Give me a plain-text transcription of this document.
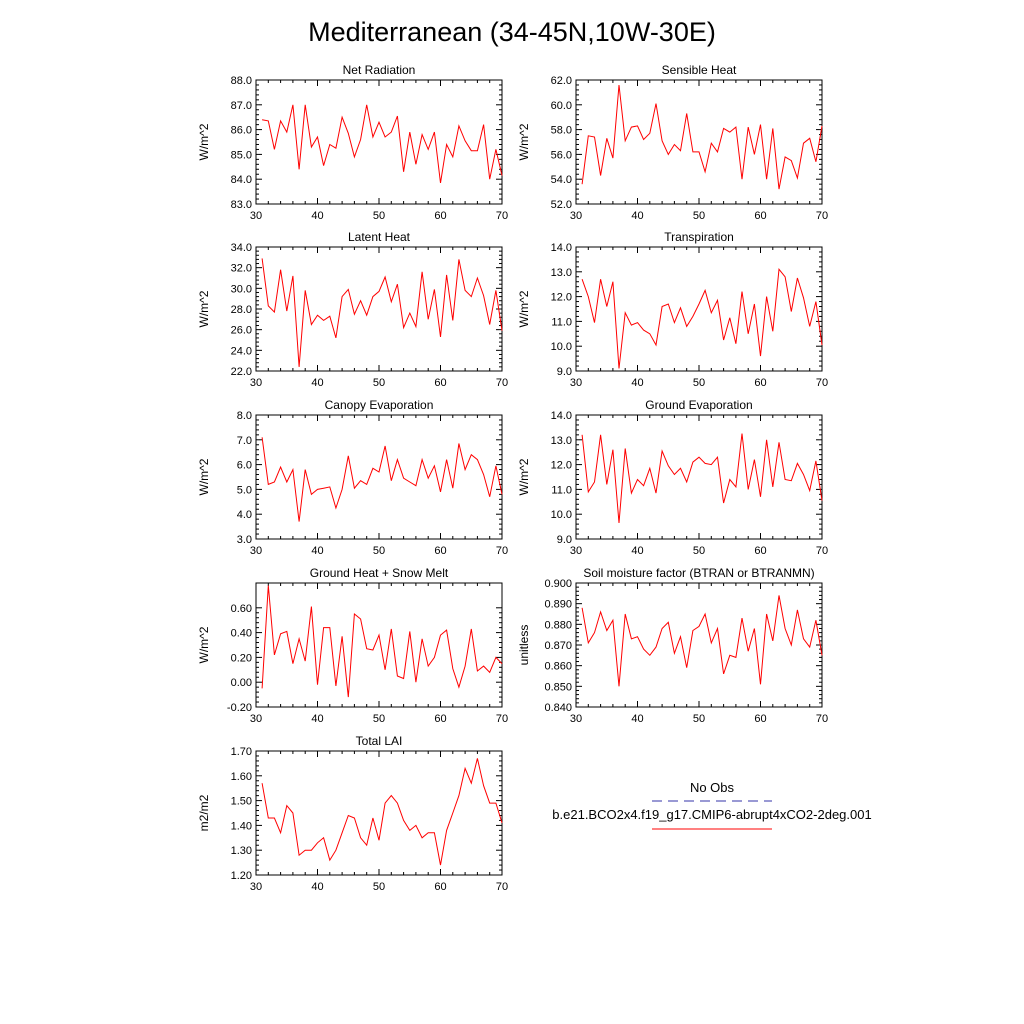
Mediterranean (34-45N,10W-30E)
30	40	50	60	70
83.0
84.0
85.0
86.0
87.0
88.0
Net Radiation
W/m^2
30	40	50	60	70
52.0
54.0
56.0
58.0
60.0
62.0
Sensible Heat
W/m^2
30	40	50	60	70
22.0
24.0
26.0
28.0
30.0
32.0
34.0
Latent Heat
W/m^2
30	40	50	60	70
9.0
10.0
11.0
12.0
13.0
14.0
Transpiration
W/m^2
30	40	50	60	70
3.0
4.0
5.0
6.0
7.0
8.0
Canopy Evaporation
W/m^2
30	40	50	60	70
9.0
10.0
11.0
12.0
13.0
14.0
Ground Evaporation
W/m^2
30	40	50	60	70
-0.20
0.00
0.20
0.40
0.60
Ground Heat + Snow Melt
W/m^2
30	40	50	60	70
0.840
0.850
0.860
0.870
0.880
0.890
0.900
Soil moisture factor (BTRAN or BTRANMN)
unitless
30	40	50	60	70
1.20
1.30
1.40
1.50
1.60
1.70
Total LAI
m2/m2
No Obs
b.e21.BCO2x4.f19_g17.CMIP6-abrupt4xCO2-2deg.001
